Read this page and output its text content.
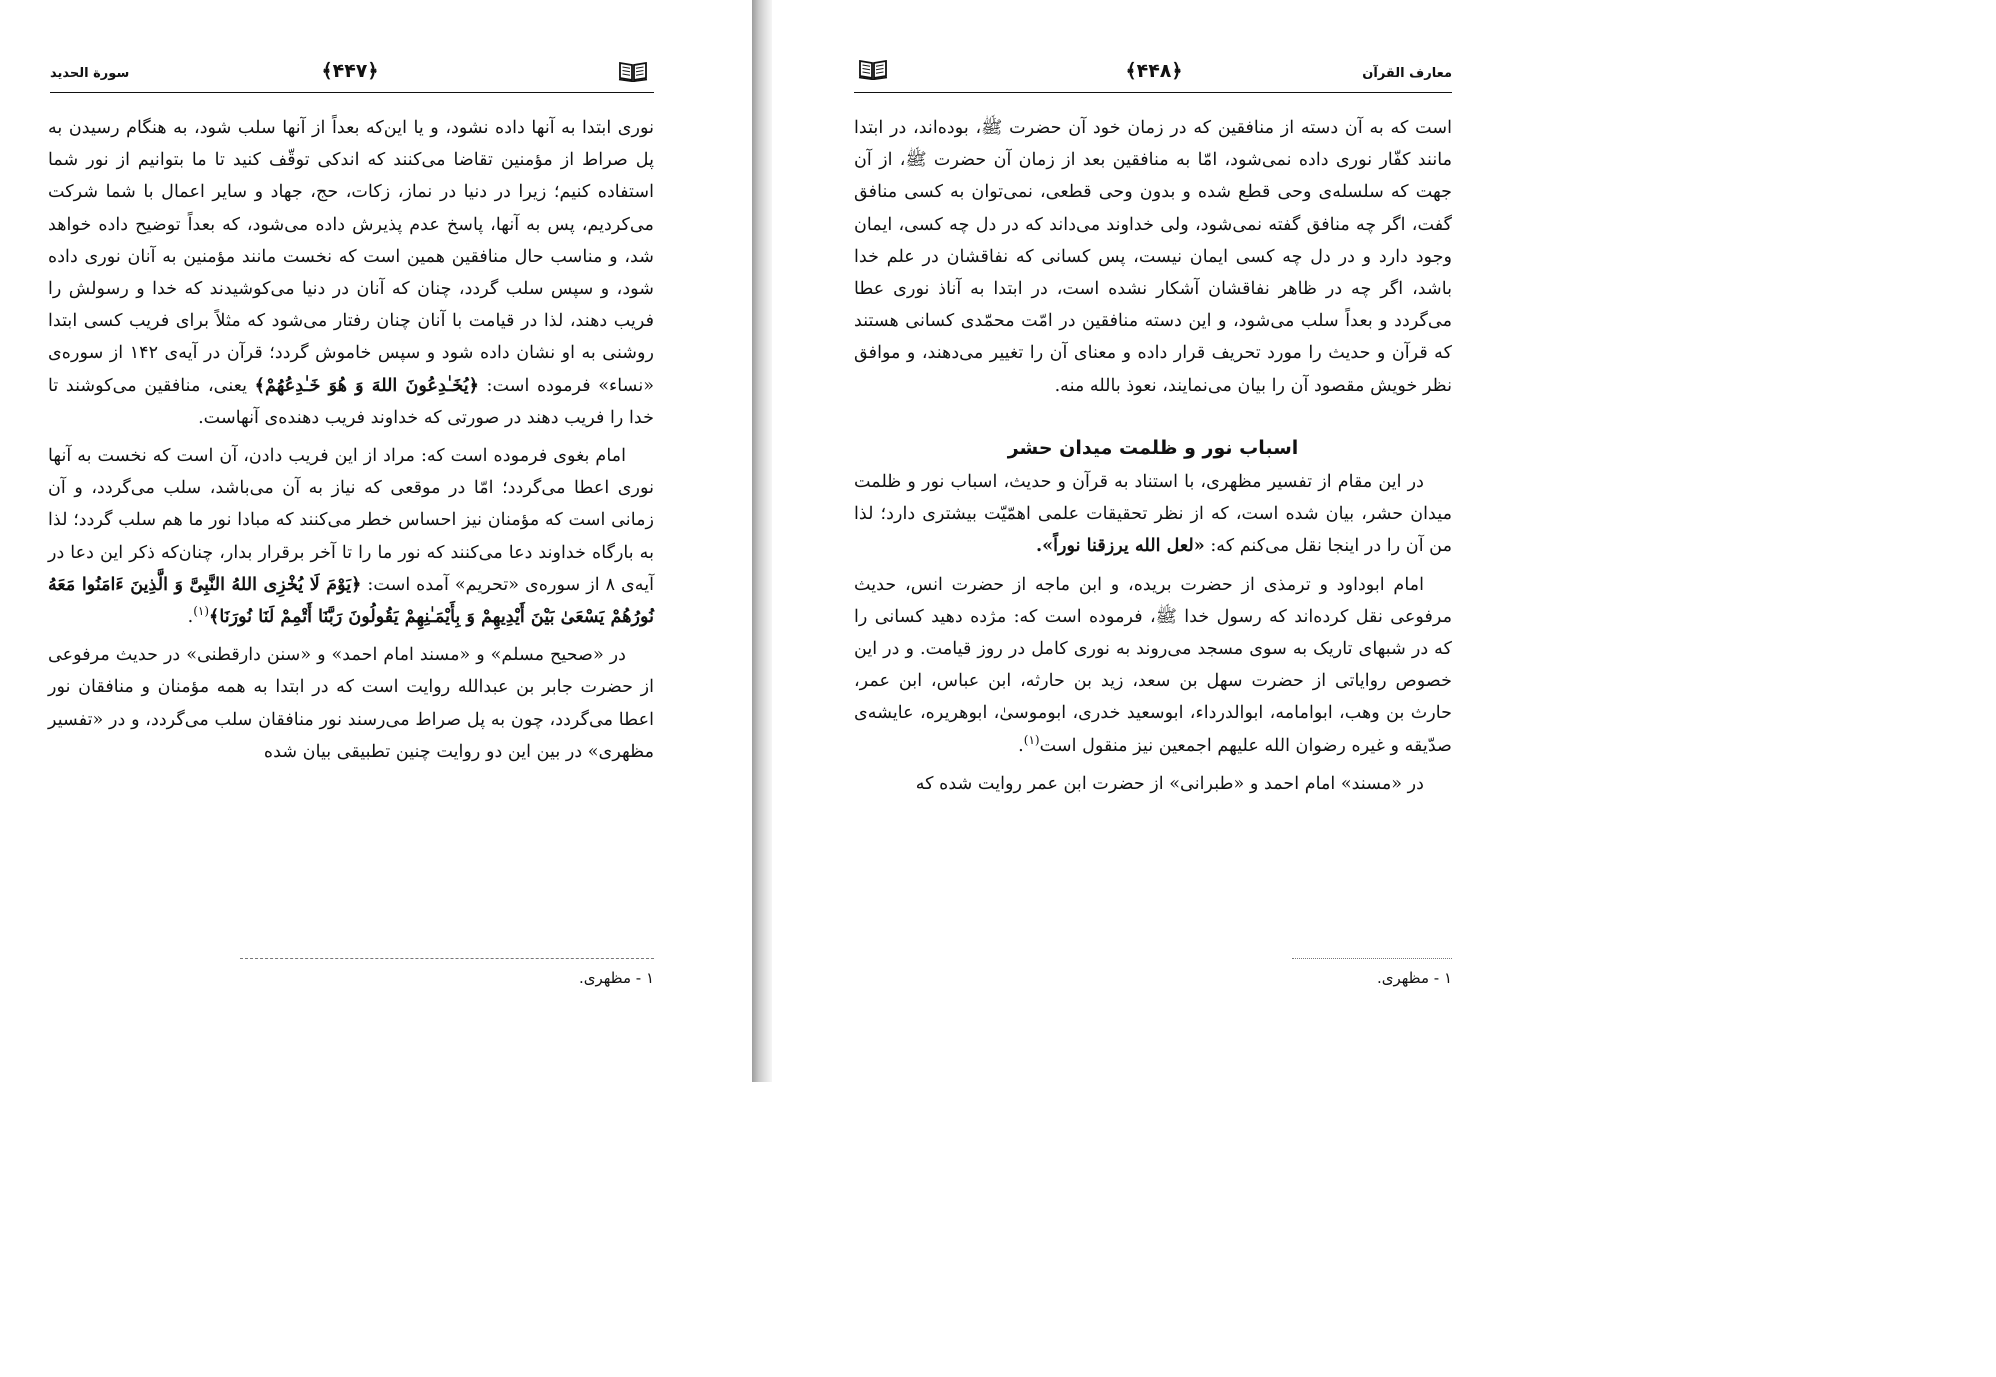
سورة الحديد	﴿۴۴۷﴾

نوری ابتدا به آنها داده نشود، و یا این‌که بعداً از آنها سلب شود، به هنگام رسیدن به پل صراط از مؤمنین تقاضا می‌کنند که اندکی توقّف کنید تا ما بتوانیم از نور شما استفاده کنیم؛ زیرا در دنیا در نماز، زکات، حج، جهاد و سایر اعمال با شما شرکت می‌کردیم، پس به آنها، پاسخ عدم پذیرش داده می‌شود، که بعداً توضیح داده خواهد شد، و مناسب حال منافقین همین است که نخست مانند مؤمنین به آنان نوری داده شود، و سپس سلب گردد، چنان که آنان در دنیا می‌کوشیدند که خدا و رسولش را فریب دهند، لذا در قیامت با آنان چنان رفتار می‌شود که مثلاً برای فریب کسی ابتدا روشنی به او نشان داده شود و سپس خاموش گردد؛ قرآن در آیه‌ی ۱۴۲ از سوره‌ی «نساء» فرموده است: ﴿يُخَـٰدِعُونَ اللهَ وَ هُوَ خَـٰدِعُهُمْ﴾ یعنی، منافقین می‌کوشند تا خدا را فریب دهند در صورتی که خداوند فریب دهنده‌ی آنهاست.

امام بغوی فرموده است که: مراد از این فریب دادن، آن است که نخست به آنها نوری اعطا می‌گردد؛ امّا در موقعی که نیاز به آن می‌باشد، سلب می‌گردد، و آن زمانی است که مؤمنان نیز احساس خطر می‌کنند که مبادا نور ما هم سلب گردد؛ لذا به بارگاه خداوند دعا می‌کنند که نور ما را تا آخر برقرار بدار، چنان‌که ذکر این دعا در آیه‌ی ۸ از سوره‌ی «تحریم» آمده است: ﴿يَوْمَ لَا يُخْزِى اللهُ النَّبِىَّ وَ الَّذِينَ ءَامَنُوا مَعَهُ نُورُهُمْ يَسْعَىٰ بَيْنَ أَيْدِيهِمْ وَ بِأَيْمَـٰنِهِمْ يَقُولُونَ رَبَّنَا أَتْمِمْ لَنَا نُورَنَا﴾$^{(۱)}$.

در «صحیح مسلم» و «مسند امام احمد» و «سنن دارقطنی» در حدیث مرفوعی از حضرت جابر بن عبدالله روایت است که در ابتدا به همه مؤمنان و منافقان نور اعطا می‌گردد، چون به پل صراط می‌رسند نور منافقان سلب می‌گردد، و در «تفسیر مظهری» در بین این دو روایت چنین تطبیقی بیان شده

۱ - مظهری.
﴿۴۴۸﴾	معارف القرآن

است که به آن دسته از منافقین که در زمان خود آن حضرت ﷺ، بوده‌اند، در ابتدا مانند کفّار نوری داده نمی‌شود، امّا به منافقین بعد از زمان آن حضرت ﷺ، از آن جهت که سلسله‌ی وحی قطع شده و بدون وحی قطعی، نمی‌توان به کسی منافق گفت، اگر چه منافق گفته نمی‌شود، ولی خداوند می‌داند که در دل چه کسی، ایمان وجود دارد و در دل چه کسی ایمان نیست، پس کسانی که نفاقشان در علم خدا باشد، اگر چه در ظاهر نفاقشان آشکار نشده است، در ابتدا به آناذ نوری عطا می‌گردد و بعداً سلب می‌شود، و این دسته منافقین در امّت محمّدی کسانی هستند که قرآن و حدیث را مورد تحریف قرار داده و معنای آن را تغییر می‌دهند، و موافق نظر خویش مقصود آن را بیان می‌نمایند، نعوذ بالله منه.

اسباب نور و ظلمت میدان حشر

در این مقام از تفسیر مظهری، با استناد به قرآن و حدیث، اسباب نور و ظلمت میدان حشر، بیان شده است، که از نظر تحقیقات علمی اهمّیّت بیشتری دارد؛ لذا من آن را در اینجا نقل می‌کنم که: «لعل الله یرزقنا نوراً».

امام ابوداود و ترمذی از حضرت بریده، و ابن ماجه از حضرت انس، حدیث مرفوعی نقل کرده‌اند که رسول خدا ﷺ، فرموده است که: مژده دهید کسانی را که در شبهای تاریک به سوی مسجد می‌روند به نوری کامل در روز قیامت. و در این خصوص روایاتی از حضرت سهل بن سعد، زید بن حارثه، ابن عباس، ابن عمر، حارث بن وهب، ابوامامه، ابوالدرداء، ابوسعید خدری، ابوموسیٰ، ابوهریره، عایشه‌ی صدّیقه و غیره رضوان الله علیهم اجمعین نیز منقول است$^{(۱)}$.

در «مسند» امام احمد و «طبرانی» از حضرت ابن عمر روایت شده که

۱ - مظهری.
